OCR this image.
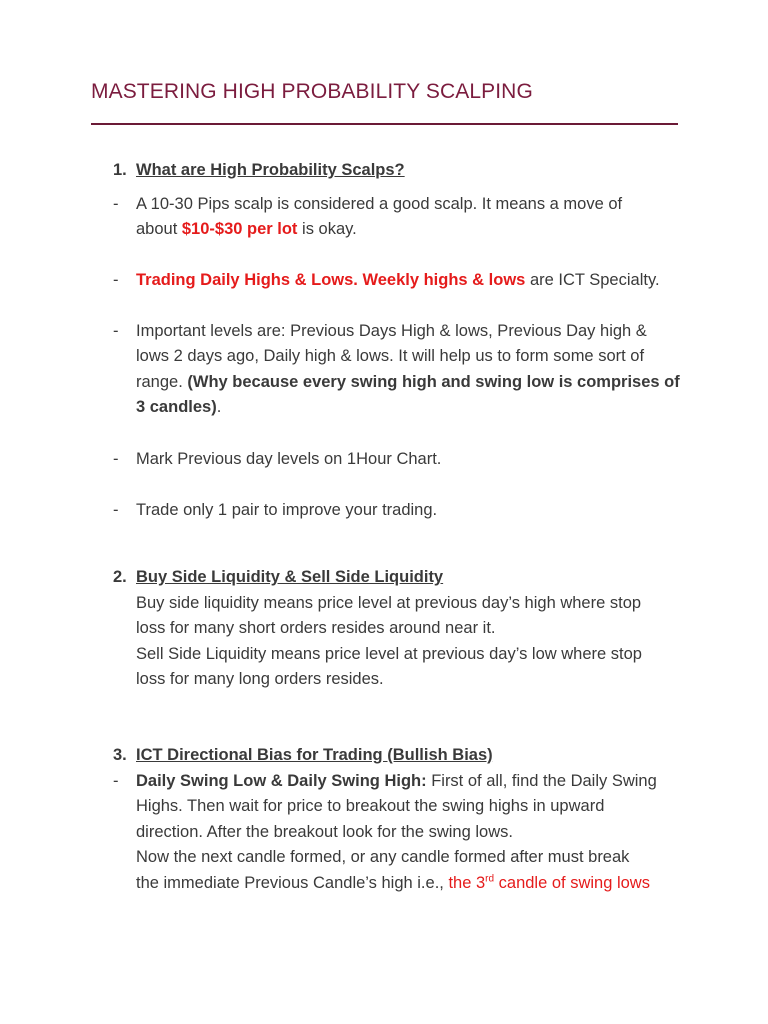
MASTERING HIGH PROBABILITY SCALPING
1. What are High Probability Scalps?
- A 10-30 Pips scalp is considered a good scalp. It means a move of
about $10-$30 per lot is okay.
- Trading Daily Highs & Lows. Weekly highs & lows are ICT Specialty.
- Important levels are: Previous Days High & lows, Previous Day high &
lows 2 days ago, Daily high & lows. It will help us to form some sort of
range. (Why because every swing high and swing low is comprises of
3 candles).
- Mark Previous day levels on 1Hour Chart.
- Trade only 1 pair to improve your trading.
2. Buy Side Liquidity & Sell Side Liquidity
Buy side liquidity means price level at previous day’s high where stop
loss for many short orders resides around near it.
Sell Side Liquidity means price level at previous day’s low where stop
loss for many long orders resides.
3. ICT Directional Bias for Trading (Bullish Bias)
- Daily Swing Low & Daily Swing High: First of all, find the Daily Swing
Highs. Then wait for price to breakout the swing highs in upward
direction. After the breakout look for the swing lows.
Now the next candle formed, or any candle formed after must break
the immediate Previous Candle’s high i.e., the 3rd candle of swing lows
